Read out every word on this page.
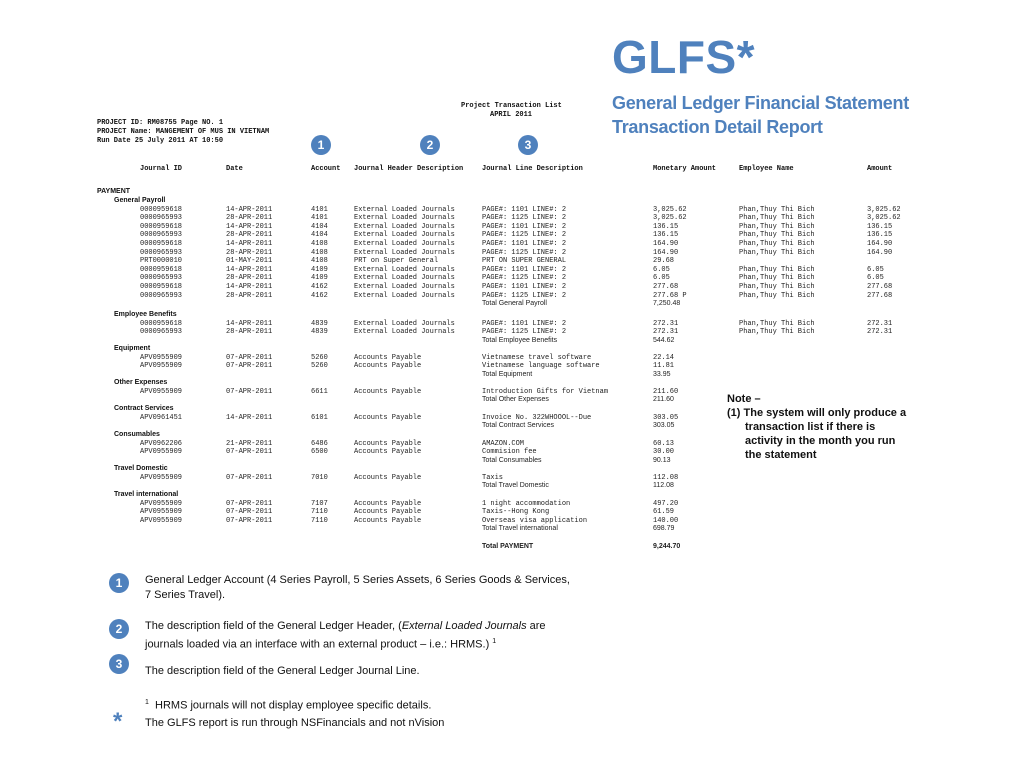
GLFS*
General Ledger Financial Statement
Transaction Detail Report
PROJECT ID: RM08755 Page NO. 1
PROJECT Name: MANGEMENT OF MUS IN VIETNAM
Run Date 25 July 2011 AT 10:50
Project Transaction List
APRIL 2011
1	2	3
Journal ID	Date	Account Journal Header Description	Journal Line Description	Monetary Amount	Employee Name	Amount
PAYMENT
General Payroll
0000959618	14-APR-2011	4101	External Loaded Journals	PAGE#: 1101 LINE#: 2	3,025.62	Phan,Thuy Thi Bich	3,025.62
0000965993	28-APR-2011	4101	External Loaded Journals	PAGE#: 1125 LINE#: 2	3,025.62	Phan,Thuy Thi Bich	3,025.62
0000959618	14-APR-2011	4104	External Loaded Journals	PAGE#: 1101 LINE#: 2	136.15	Phan,Thuy Thi Bich	136.15
0000965993	28-APR-2011	4104	External Loaded Journals	PAGE#: 1125 LINE#: 2	136.15	Phan,Thuy Thi Bich	136.15
0000959618	14-APR-2011	4108	External Loaded Journals	PAGE#: 1101 LINE#: 2	164.90	Phan,Thuy Thi Bich	164.90
0000965993	28-APR-2011	4108	External Loaded Journals	PAGE#: 1125 LINE#: 2	164.90	Phan,Thuy Thi Bich	164.90
PRT0000010	01-MAY-2011	4108	PRT on Super General	PRT ON SUPER GENERAL	29.68
0000959618	14-APR-2011	4109	External Loaded Journals	PAGE#: 1101 LINE#: 2	6.05	Phan,Thuy Thi Bich	6.05
0000965993	28-APR-2011	4109	External Loaded Journals	PAGE#: 1125 LINE#: 2	6.05	Phan,Thuy Thi Bich	6.05
0000959618	14-APR-2011	4162	External Loaded Journals	PAGE#: 1101 LINE#: 2	277.68	Phan,Thuy Thi Bich	277.68
0000965993	28-APR-2011	4162	External Loaded Journals	PAGE#: 1125 LINE#: 2	277.68 P	Phan,Thuy Thi Bich	277.68
Total General Payroll	7,250.48
Employee Benefits
0000959618	14-APR-2011	4839	External Loaded Journals	PAGE#: 1101 LINE#: 2	272.31	Phan,Thuy Thi Bich	272.31
0000965993	28-APR-2011	4839	External Loaded Journals	PAGE#: 1125 LINE#: 2	272.31	Phan,Thuy Thi Bich	272.31
Total Employee Benefits	544.62
Equipment
APV0955909	07-APR-2011	5260	Accounts Payable	Vietnamese travel software	22.14
APV0955909	07-APR-2011	5260	Accounts Payable	Vietnamese language software	11.81
Total Equipment	33.95
Other Expenses
APV0955909	07-APR-2011	6611	Accounts Payable	Introduction Gifts for Vietnam	211.60
Total Other Expenses	211.60
Contract Services
APV0961451	14-APR-2011	6101	Accounts Payable	Invoice No. 322WHOOOL--Due	303.05
Total Contract Services	303.05
Consumables
APV0962206	21-APR-2011	6486	Accounts Payable	AMAZON.COM	60.13
APV0955909	07-APR-2011	6500	Accounts Payable	Commision fee	30.00
Total Consumables	90.13
Travel Domestic
APV0955909	07-APR-2011	7010	Accounts Payable	Taxis	112.08
Total Travel Domestic	112.08
Travel international
APV0955909	07-APR-2011	7107	Accounts Payable	1 night accommodation	497.20
APV0955909	07-APR-2011	7110	Accounts Payable	Taxis--Hong Kong	61.59
APV0955909	07-APR-2011	7110	Accounts Payable	Overseas visa application	140.00
Total Travel international	698.79
Total PAYMENT	9,244.70
Note –
(1) The system will only produce a
transaction list if there is
activity in the month you run
the statement
1	General Ledger Account (4 Series Payroll, 5 Series Assets, 6 Series Goods & Services,
7 Series Travel).
2	The description field of the General Ledger Header, (External Loaded Journals are
journals loaded via an interface with an external product – i.e.: HRMS.) $^1$
3	The description field of the General Ledger Journal Line.
$^1$ HRMS journals will not display employee specific details.
* The GLFS report is run through NSFinancials and not nVision
